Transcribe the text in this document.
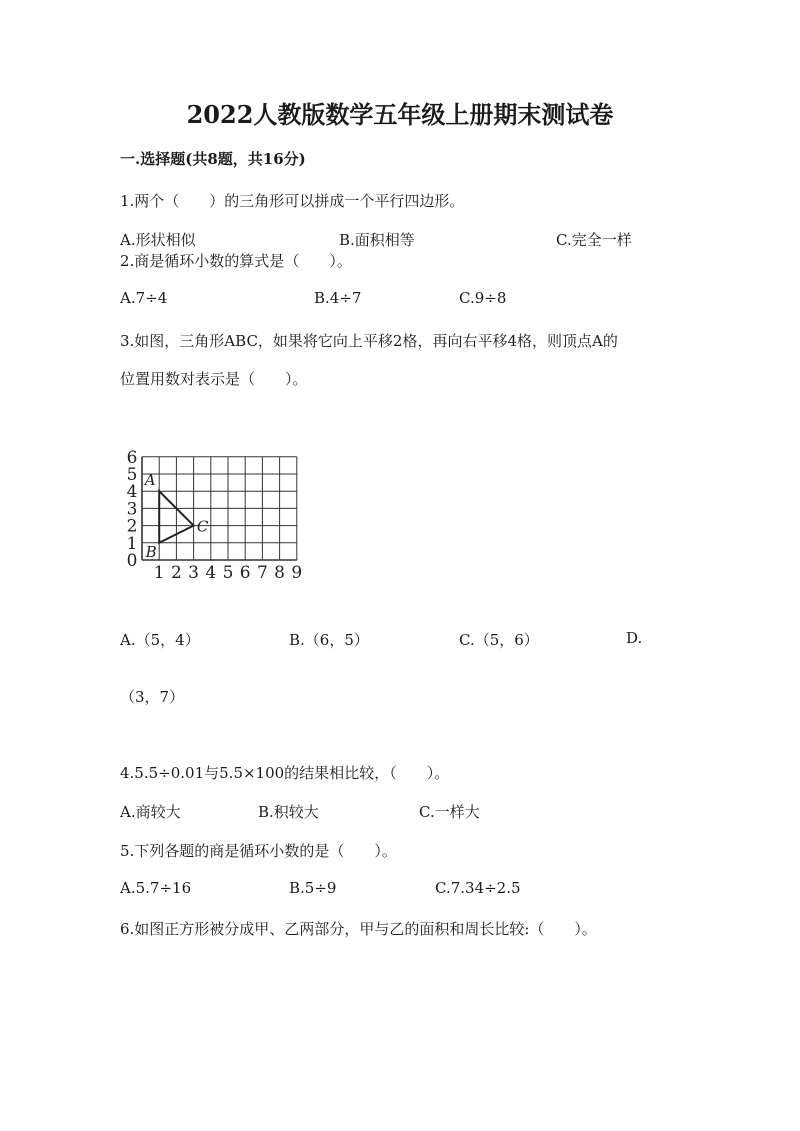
2022人教版数学五年级上册期末测试卷
一.选择题(共8题，共16分)
1.两个（　　）的三角形可以拼成一个平行四边形。
A.形状相似	B.面积相等	C.完全一样
2.商是循环小数的算式是（　　）。
A.7÷4	B.4÷7	C.9÷8
3.如图，三角形ABC，如果将它向上平移2格，再向右平移4格，则顶点A的
位置用数对表示是（　　）。
1 2 3 4 5 6 7 8 9
0
1
2
3
4
5
6
A
B
C
A.（5，4）	B.（6，5）	C.（5，6）	D.
（3，7）
4.5.5÷0.01与5.5×100的结果相比较，（　　）。
A.商较大	B.积较大	C.一样大
5.下列各题的商是循环小数的是（　　）。
A.5.7÷16	B.5÷9	C.7.34÷2.5
6.如图正方形被分成甲、乙两部分，甲与乙的面积和周长比较:（　　）。
